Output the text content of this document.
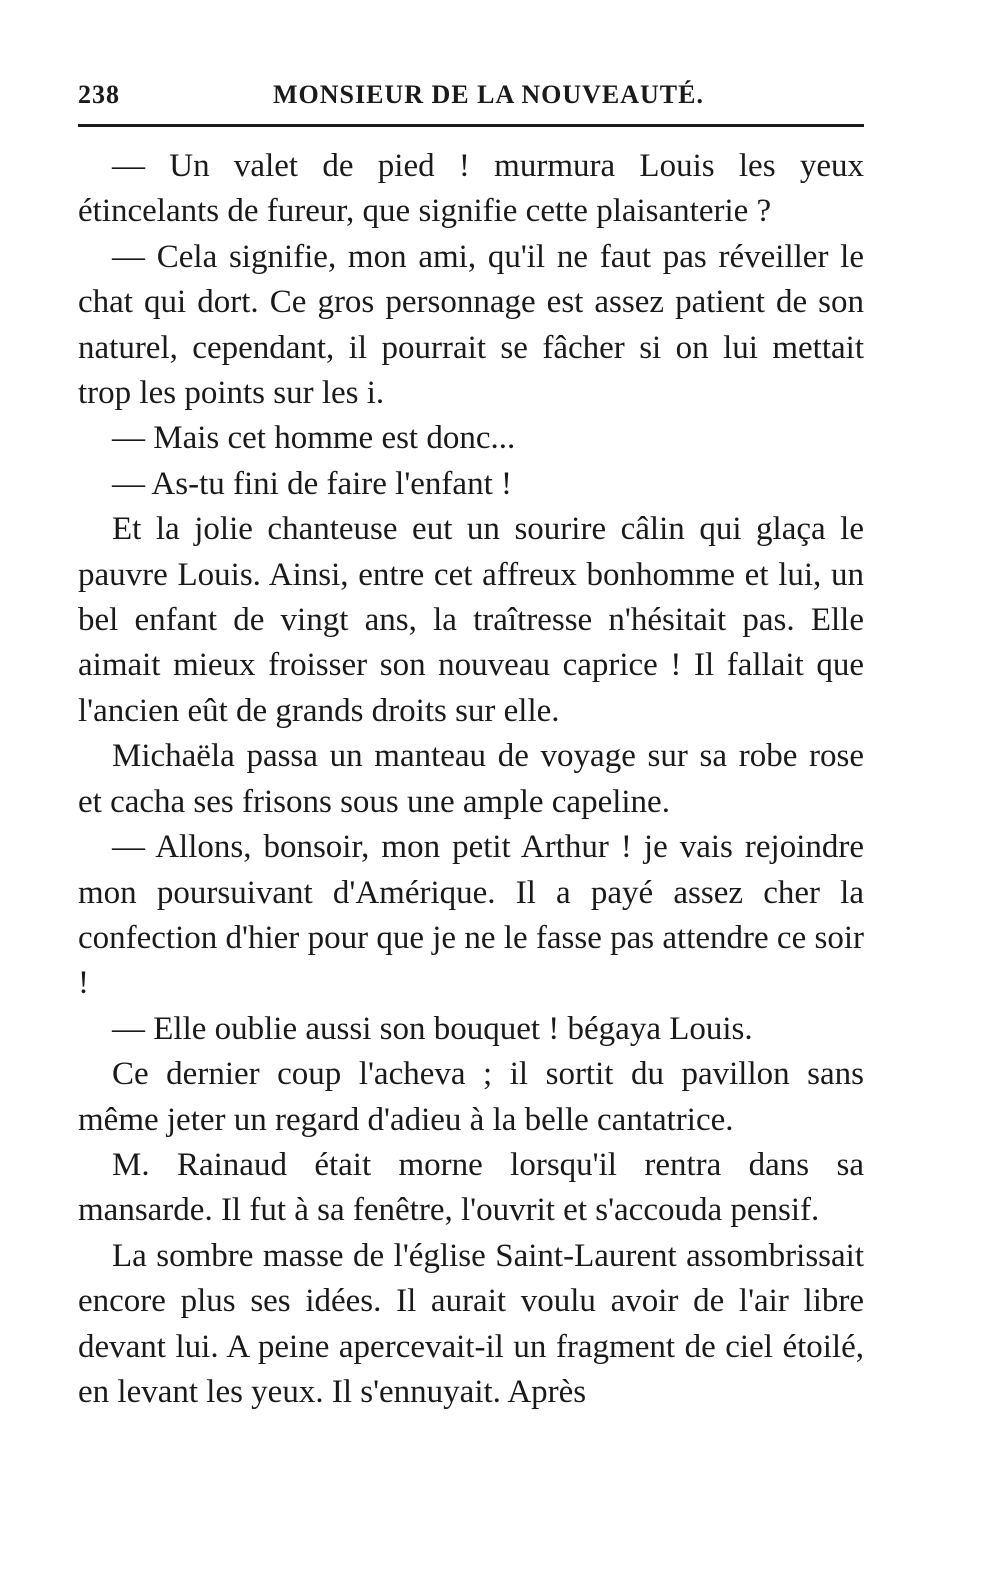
238	MONSIEUR DE LA NOUVEAUTÉ.

— Un valet de pied ! murmura Louis les yeux étincelants de fureur, que signifie cette plaisanterie ?

— Cela signifie, mon ami, qu'il ne faut pas réveiller le chat qui dort. Ce gros personnage est assez patient de son naturel, cependant, il pourrait se fâcher si on lui mettait trop les points sur les i.

— Mais cet homme est donc...

— As-tu fini de faire l'enfant !

Et la jolie chanteuse eut un sourire câlin qui glaça le pauvre Louis. Ainsi, entre cet affreux bonhomme et lui, un bel enfant de vingt ans, la traîtresse n'hésitait pas. Elle aimait mieux froisser son nouveau caprice ! Il fallait que l'ancien eût de grands droits sur elle.

Michaëla passa un manteau de voyage sur sa robe rose et cacha ses frisons sous une ample capeline.

— Allons, bonsoir, mon petit Arthur ! je vais rejoindre mon poursuivant d'Amérique. Il a payé assez cher la confection d'hier pour que je ne le fasse pas attendre ce soir !

— Elle oublie aussi son bouquet ! bégaya Louis.

Ce dernier coup l'acheva ; il sortit du pavillon sans même jeter un regard d'adieu à la belle cantatrice.

M. Rainaud était morne lorsqu'il rentra dans sa mansarde. Il fut à sa fenêtre, l'ouvrit et s'accouda pensif.

La sombre masse de l'église Saint-Laurent assombrissait encore plus ses idées. Il aurait voulu avoir de l'air libre devant lui. A peine apercevait-il un fragment de ciel étoilé, en levant les yeux. Il s'ennuyait. Après
